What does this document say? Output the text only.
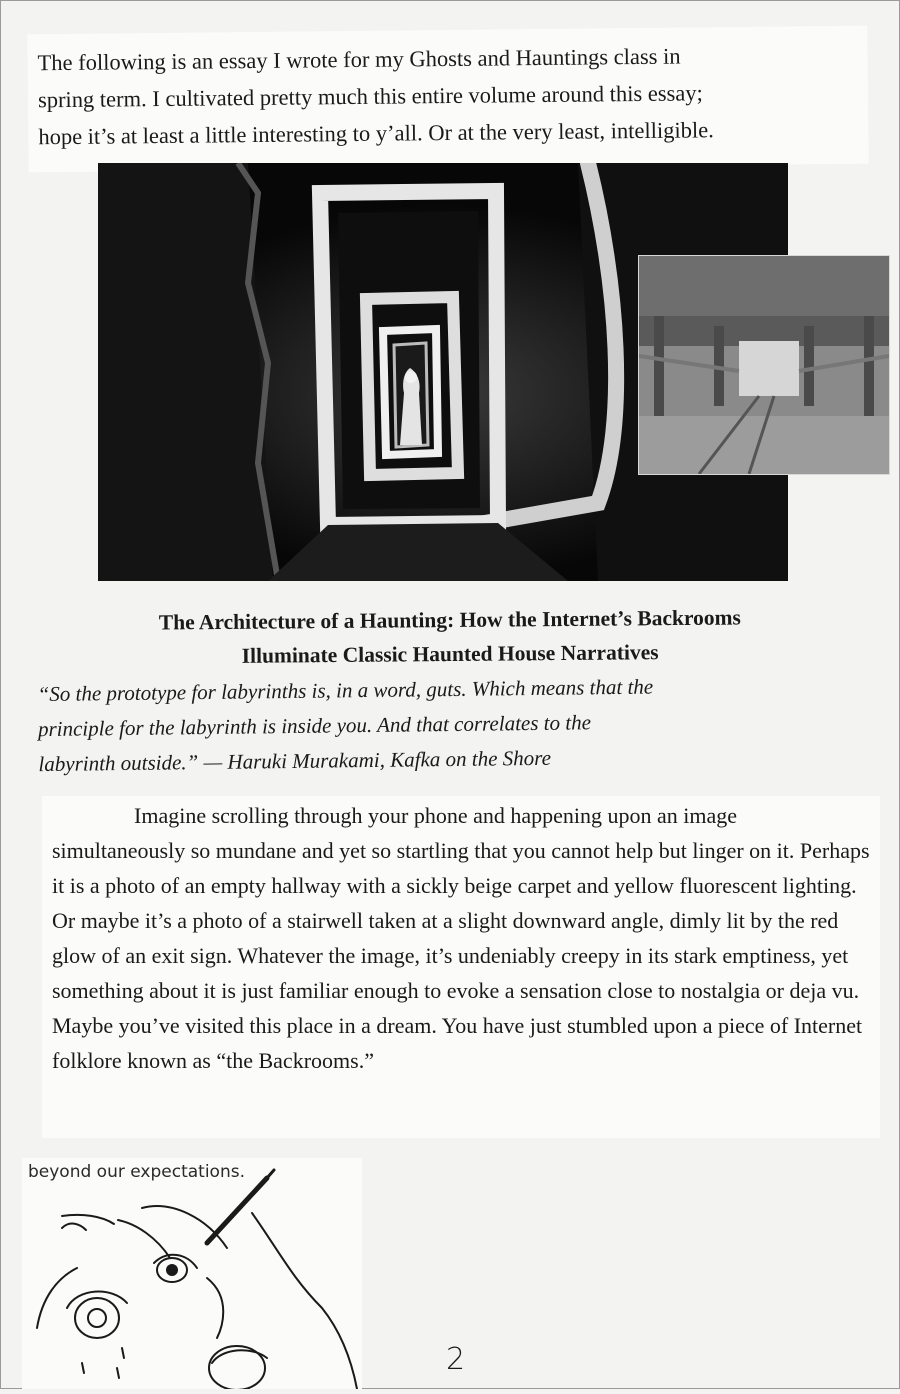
The following is an essay I wrote for my Ghosts and Hauntings class in
spring term. I cultivated pretty much this entire volume around this essay;
hope it’s at least a little interesting to y’all. Or at the very least, intelligible.
The Architecture of a Haunting: How the Internet’s Backrooms
Illuminate Classic Haunted House Narratives
“So the prototype for labyrinths is, in a word, guts. Which means that the
principle for the labyrinth is inside you. And that correlates to the
labyrinth outside.” — Haruki Murakami, Kafka on the Shore

Imagine scrolling through your phone and happening upon an image simultaneously so mundane and yet so startling that you cannot help but linger on it. Perhaps it is a photo of an empty hallway with a sickly beige carpet and yellow fluorescent lighting. Or maybe it’s a photo of a stairwell taken at a slight downward angle, dimly lit by the red glow of an exit sign. Whatever the image, it’s undeniably creepy in its stark emptiness, yet something about it is just familiar enough to evoke a sensation close to nostalgia or deja vu. Maybe you’ve visited this place in a dream. You have just stumbled upon a piece of Internet folklore known as “the Backrooms.”

beyond our expectations.
2
